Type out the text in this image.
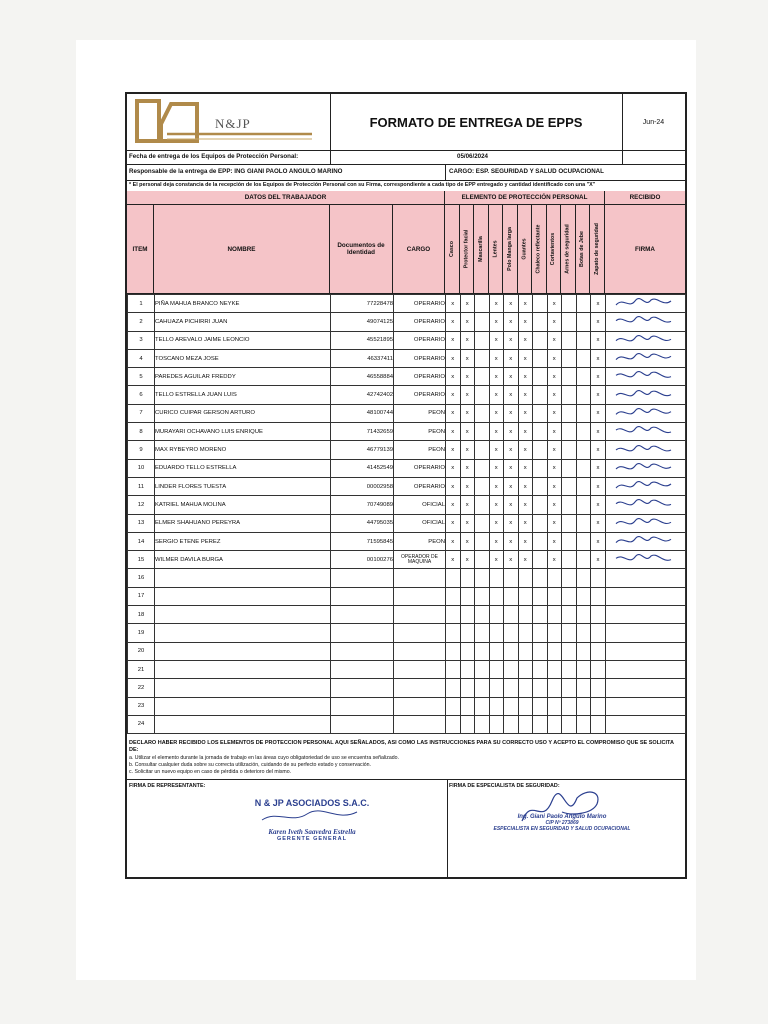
N&JP	FORMATO DE ENTREGA DE EPPS	Jun-24
Fecha de entrega de los Equipos de Protección Personal:	05/06/2024
Responsable de la entrega de EPP: ING GIANI PAOLO ANGULO MARINO	CARGO: ESP. SEGURIDAD Y SALUD OCUPACIONAL
* El personal deja constancia de la recepción de los Equipos de Protección Personal con su Firma, correspondiente a cada tipo de EPP entregado y cantidad identificado con una "X"
DATOS DEL TRABAJADOR	ELEMENTO DE PROTECCIÓN PERSONAL	RECIBIDO
ITEM	NOMBRE	Documentos de Identidad	CARGO	Casco Protector facial Mascarilla Lentes Polo Manga larga Guantes Chaleco reflectante Cortavientos Arnes de seguridad Botas de Jebe Zapato de seguridad	FIRMA
1	PIÑA MAHUA BRANCO NEYKE	77228478	OPERARIO	x	x		x	x	x		x			x	
2	CAHUAZA PICHIRRI JUAN	49074125	OPERARIO	x	x		x	x	x		x			x	
3	TELLO AREVALO JAIME LEONCIO	45521895	OPERARIO	x	x		x	x	x		x			x	
4	TOSCANO MEZA JOSE	46337411	OPERARIO	x	x		x	x	x		x			x	
5	PAREDES AGUILAR FREDDY	46558884	OPERARIO	x	x		x	x	x		x			x	
6	TELLO ESTRELLA JUAN LUIS	42742402	OPERARIO	x	x		x	x	x		x			x	
7	CURICO CUIPAR GERSON ARTURO	48100744	PEON	x	x		x	x	x		x			x	
8	MURAYARI OCHAVANO LUIS ENRIQUE	71432659	PEON	x	x		x	x	x		x			x	
9	MAX RYBEYRO MORENO	46779139	PEON	x	x		x	x	x		x			x	
10	EDUARDO TELLO ESTRELLA	41452549	OPERARIO	x	x		x	x	x		x			x	
11	LINDER FLORES TUESTA	00002958	OPERARIO	x	x		x	x	x		x			x	
12	KATRIEL MAHUA MOLINA	70749089	OFICIAL	x	x		x	x	x		x			x	
13	ELMER SHAHUANO PEREYRA	44795035	OFICIAL	x	x		x	x	x		x			x	
14	SERGIO ETENE PEREZ	71595845	PEON	x	x		x	x	x		x			x	
15	WILMER DAVILA BURGA	00100276	OPERADOR DE MAQUINA	x	x		x	x	x		x			x	
16															
17															
18															
19															
20															
21															
22															
23															
24															
DECLARO HABER RECIBIDO LOS ELEMENTOS DE PROTECCION PERSONAL AQUI SEÑALADOS, ASI COMO LAS INSTRUCCIONES PARA SU CORRECTO USO Y ACEPTO EL COMPROMISO QUE SE SOLICITA DE:
a. Utilizar el elemento durante la jornada de trabajo en las áreas cuyo obligatoriedad de uso se encuentra señalizado.
b. Consultar cualquier duda sobre su correcta utilización, cuidando de su perfecto estado y conservación.
c. Solicitar un nuevo equipo en caso de pérdida o deterioro del mismo.
FIRMA DE REPRESENTANTE:
N & JP ASOCIADOS S.A.C.
Karen Iveth Saavedra Estrella
GERENTE GENERAL
FIRMA DE ESPECIALISTA DE SEGURIDAD:
Ing. Giani Paolo Angulo Marino
CIP Nº 273869
ESPECIALISTA EN SEGURIDAD Y SALUD OCUPACIONAL
